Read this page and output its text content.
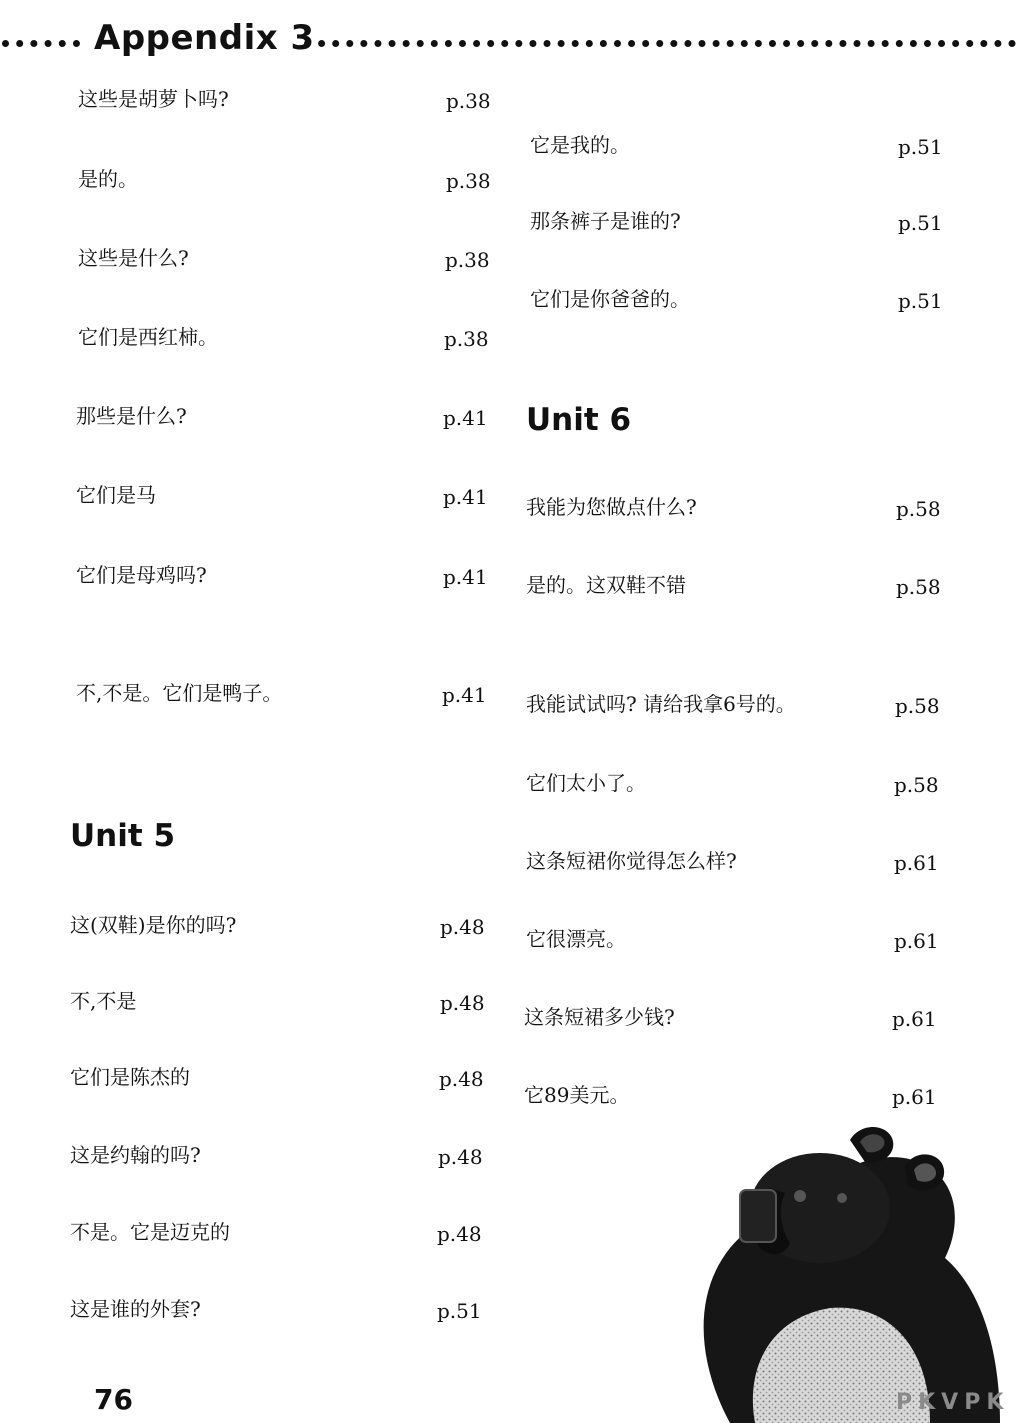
Appendix 3
这些是胡萝卜吗?	p.38
是的。	p.38
这些是什么?	p.38
它们是西红柿。	p.38
那些是什么?	p.41
它们是马	p.41
它们是母鸡吗?	p.41
不,不是。它们是鸭子。	p.41
Unit 5
这(双鞋)是你的吗?	p.48
不,不是	p.48
它们是陈杰的	p.48
这是约翰的吗?	p.48
不是。它是迈克的	p.48
这是谁的外套?	p.51
它是我的。	p.51
那条裤子是谁的?	p.51
它们是你爸爸的。	p.51
Unit 6
我能为您做点什么?	p.58
是的。这双鞋不错	p.58
我能试试吗? 请给我拿6号的。	p.58
它们太小了。	p.58
这条短裙你觉得怎么样?	p.61
它很漂亮。	p.61
这条短裙多少钱?	p.61
它89美元。	p.61
76	PKVPK
